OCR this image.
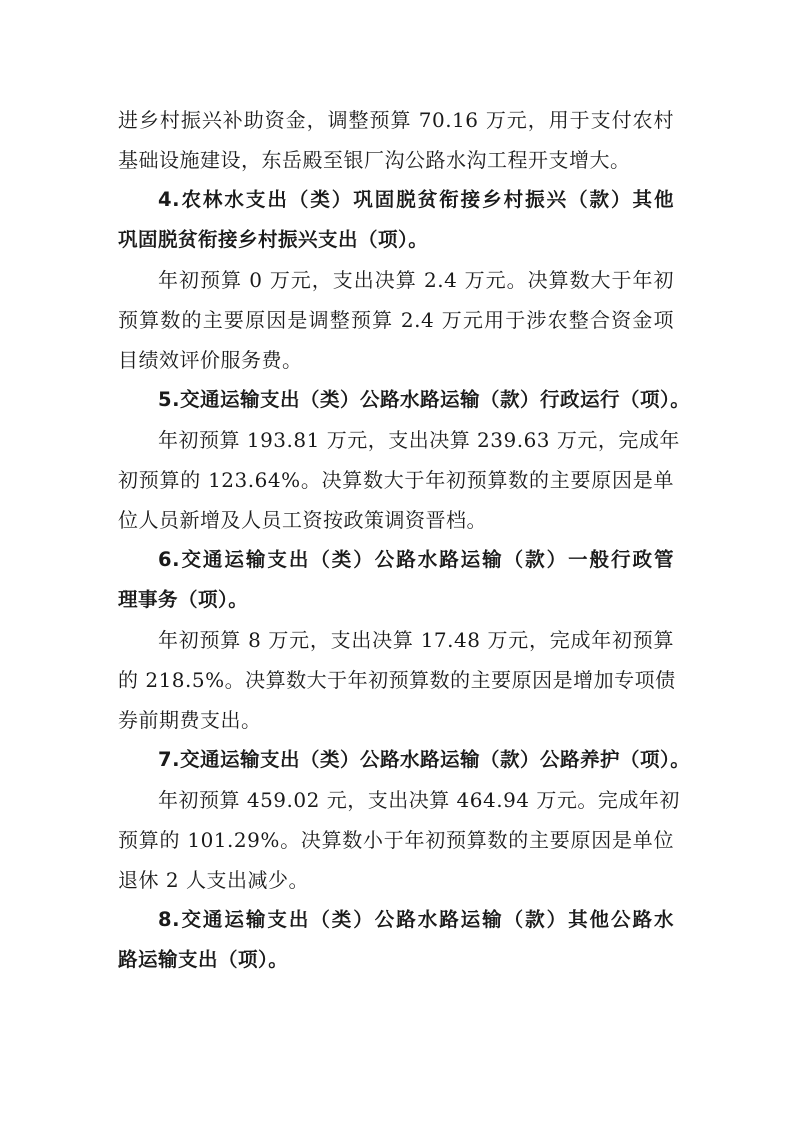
进乡村振兴补助资金，调整预算 70.16 万元，用于支付农村
基础设施建设，东岳殿至银厂沟公路水沟工程开支增大。
4.农林水支出（类）巩固脱贫衔接乡村振兴（款）其他
巩固脱贫衔接乡村振兴支出（项）。
年初预算 0 万元，支出决算 2.4 万元。决算数大于年初
预算数的主要原因是调整预算 2.4 万元用于涉农整合资金项
目绩效评价服务费。
5.交通运输支出（类）公路水路运输（款）行政运行（项）。
年初预算 193.81 万元，支出决算 239.63 万元，完成年
初预算的 123.64%。决算数大于年初预算数的主要原因是单
位人员新增及人员工资按政策调资晋档。
6.交通运输支出（类）公路水路运输（款）一般行政管
理事务（项）。
年初预算 8 万元，支出决算 17.48 万元，完成年初预算
的 218.5%。决算数大于年初预算数的主要原因是增加专项债
券前期费支出。
7.交通运输支出（类）公路水路运输（款）公路养护（项）。
年初预算 459.02 元，支出决算 464.94 万元。完成年初
预算的 101.29%。决算数小于年初预算数的主要原因是单位
退休 2 人支出减少。
8.交通运输支出（类）公路水路运输（款）其他公路水
路运输支出（项）。
